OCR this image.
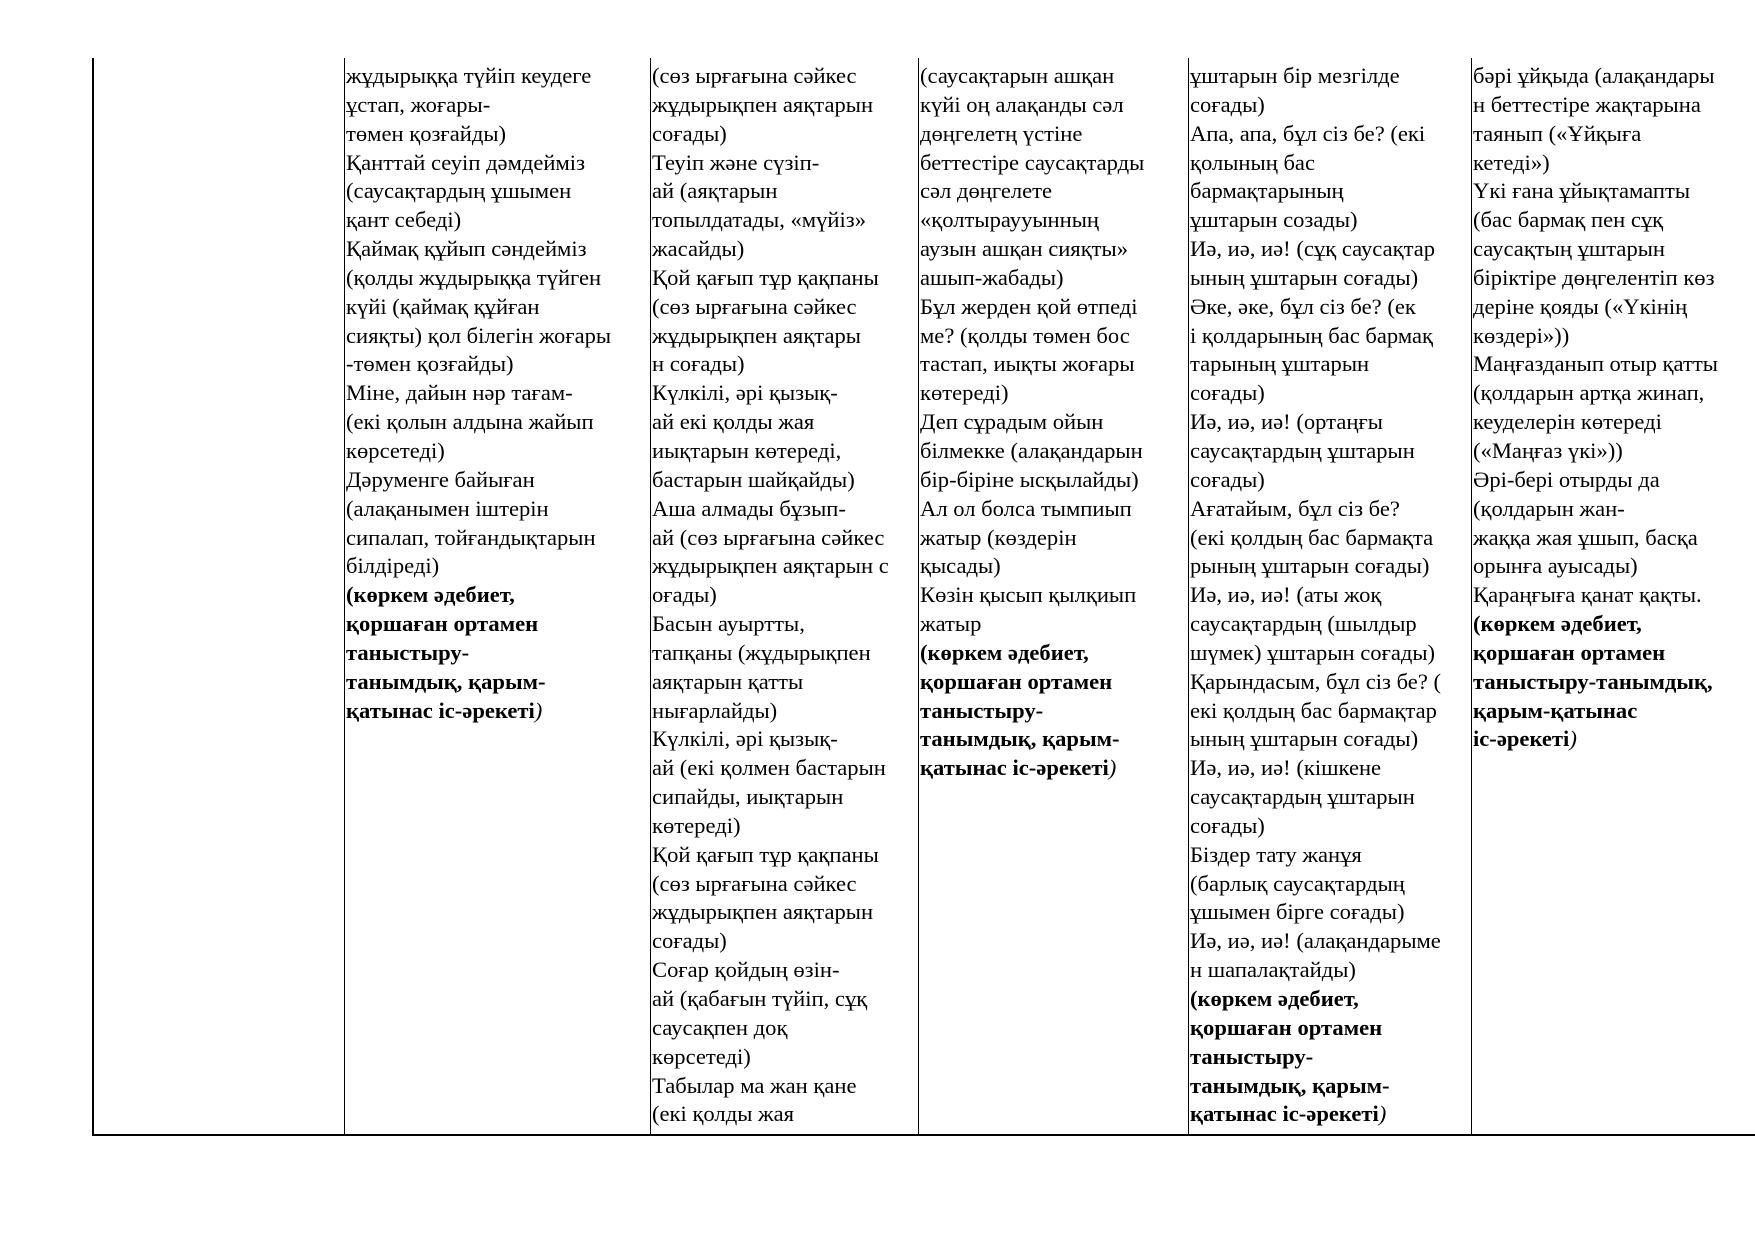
жұдырыққа түйіп кеудеге
ұстап, жоғары-
төмен қозғайды)
Қанттай сеуіп дәмдейміз
(саусақтардың ұшымен
қант себеді)
Қаймақ құйып сәндейміз
(қолды жұдырыққа түйген
күйі (қаймақ құйған
сияқты) қол білегін жоғары
-төмен қозғайды)
Міне, дайын нәр тағам-
(екі қолын алдына жайып
көрсетеді)
Дәруменге байыған
(алақанымен іштерін
сипалап, тойғандықтарын
білдіреді)
(көркем әдебиет,
қоршаған ортамен
таныстыру-
танымдық, қарым-
қатынас іс-әрекеті)
(сөз ырғағына сәйкес
жұдырықпен аяқтарын
соғады)
Теуіп және сүзіп-
ай (аяқтарын
топылдатады, «мүйіз»
жасайды)
Қой қағып тұр қақпаны
(сөз ырғағына сәйкес
жұдырықпен аяқтары
н соғады)
Күлкілі, әрі қызық-
ай екі қолды жая
иықтарын көтереді,
бастарын шайқайды)
Аша алмады бұзып-
ай (сөз ырғағына сәйкес
жұдырықпен аяқтарын с
оғады)
Басын ауыртты,
тапқаны (жұдырықпен
аяқтарын қатты
нығарлайды)
Күлкілі, әрі қызық-
ай (екі қолмен бастарын
сипайды, иықтарын
көтереді)
Қой қағып тұр қақпаны
(сөз ырғағына сәйкес
жұдырықпен аяқтарын
соғады)
Соғар қойдың өзін-
ай (қабағын түйіп, сұқ
саусақпен доқ
көрсетеді)
Табылар ма жан қане
(екі қолды жая
(саусақтарын ашқан
күйі оң алақанды сәл
дөңгелетң үстіне
беттестіре саусақтарды
сәл дөңгелете
«қолтыраууынның
аузын ашқан сияқты»
ашып-жабады)
Бұл жерден қой өтпеді
ме? (қолды төмен бос
тастап, иықты жоғары
көтереді)
Деп сұрадым ойын
білмекке (алақандарын
бір-біріне ысқылайды)
Ал ол болса тымпиып
жатыр (көздерін
қысады)
Көзін қысып қылқиып
жатыр
(көркем әдебиет,
қоршаған ортамен
таныстыру-
танымдық, қарым-
қатынас іс-әрекеті)
ұштарын бір мезгілде
соғады)
Апа, апа, бұл сіз бе? (екі
қолының бас
бармақтарының
ұштарын созады)
Иә, иә, иә! (сұқ саусақтар
ының ұштарын соғады)
Әке, әке, бұл сіз бе? (ек
і қолдарының бас бармақ
тарының ұштарын
соғады)
Иә, иә, иә! (ортаңғы
саусақтардың ұштарын
соғады)
Ағатайым, бұл сіз бе?
(екі қолдың бас бармақта
рының ұштарын соғады)
Иә, иә, иә! (аты жоқ
саусақтардың (шылдыр
шүмек) ұштарын соғады)
Қарындасым, бұл сіз бе? (
екі қолдың бас бармақтар
ының ұштарын соғады)
Иә, иә, иә! (кішкене
саусақтардың ұштарын
соғады)
Біздер тату жанұя
(барлық саусақтардың
ұшымен бірге соғады)
Иә, иә, иә! (алақандарыме
н шапалақтайды)
(көркем әдебиет,
қоршаған ортамен
таныстыру-
танымдық, қарым-
қатынас іс-әрекеті)
бәрі ұйқыда (алақандары
н беттестіре жақтарына
таянып («Ұйқыға
кетеді»)
Үкі ғана ұйықтамапты
(бас бармақ пен сұқ
саусақтың ұштарын
біріктіре дөңгелентіп көз
деріне қояды («Үкінің
көздері»))
Маңғазданып отыр қатты
(қолдарын артқа жинап,
кеуделерін көтереді
(«Маңғаз үкі»))
Әрі-бері отырды да
(қолдарын жан-
жаққа жая ұшып, басқа
орынға ауысады)
Қараңғыға қанат қақты.
(көркем әдебиет,
қоршаған ортамен
таныстыру-танымдық,
қарым-қатынас
іс-әрекеті)
